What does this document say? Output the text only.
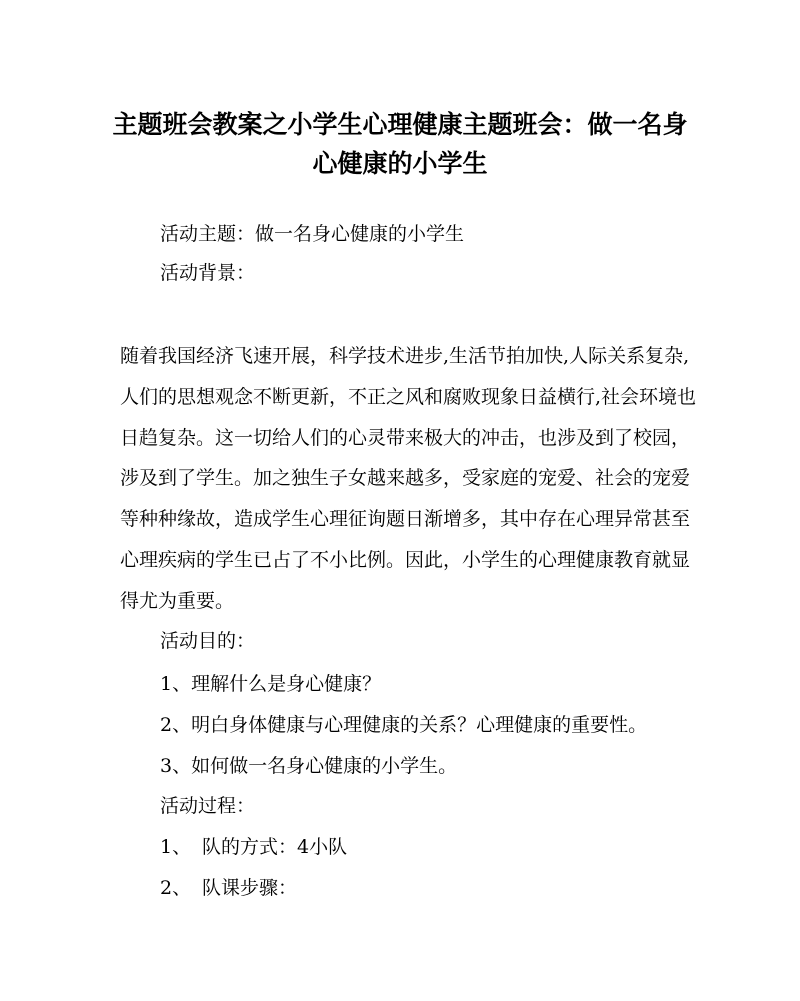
主题班会教案之小学生心理健康主题班会：做一名身
心健康的小学生
活动主题：做一名身心健康的小学生
活动背景：
随着我国经济飞速开展，科学技术进步,生活节拍加快,人际关系复杂,
人们的思想观念不断更新，不正之风和腐败现象日益横行,社会环境也
日趋复杂。这一切给人们的心灵带来极大的冲击，也涉及到了校园，
涉及到了学生。加之独生子女越来越多，受家庭的宠爱、社会的宠爱
等种种缘故，造成学生心理征询题日渐增多，其中存在心理异常甚至
心理疾病的学生已占了不小比例。因此，小学生的心理健康教育就显
得尤为重要。
活动目的：
1、理解什么是身心健康？
2、明白身体健康与心理健康的关系？心理健康的重要性。
3、如何做一名身心健康的小学生。
活动过程：
1、 队的方式：4小队
2、 队课步骤：
